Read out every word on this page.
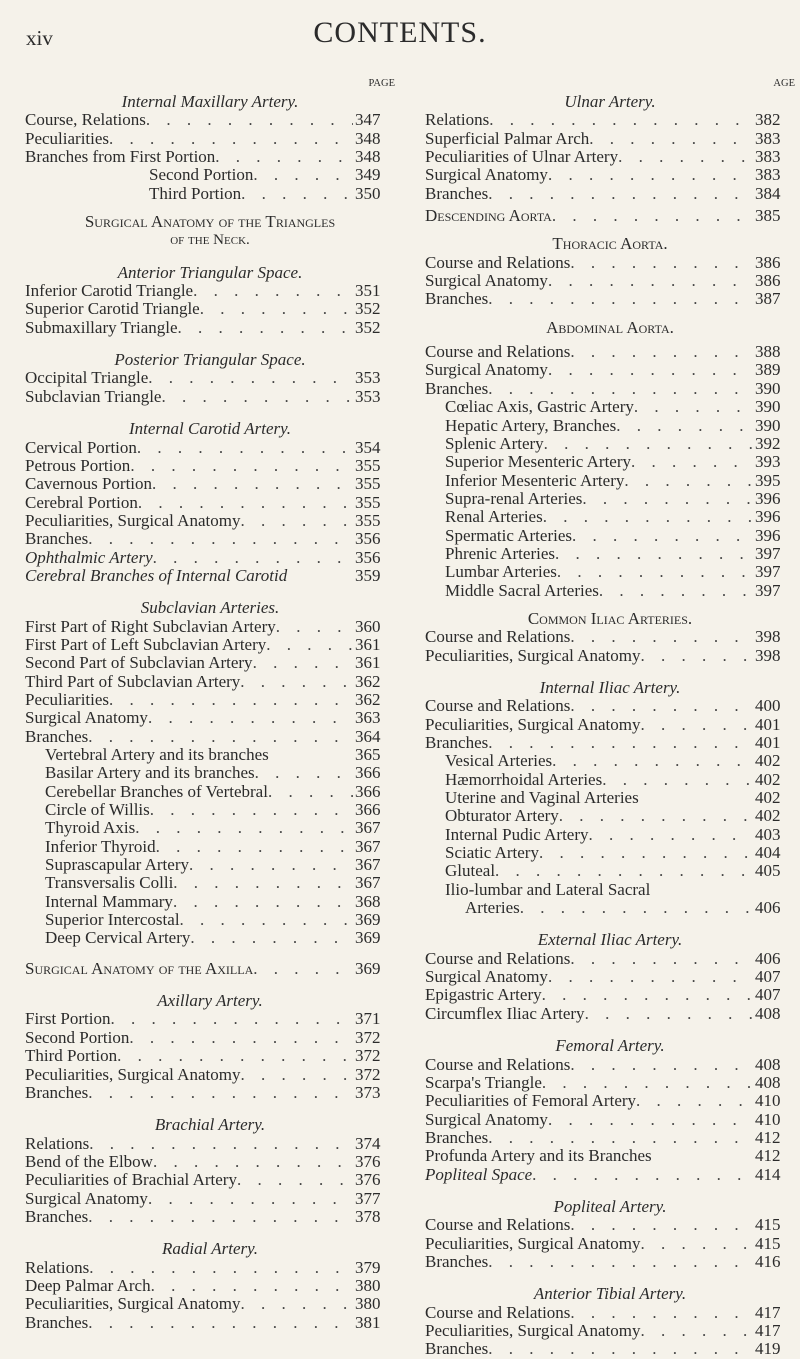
xiv	CONTENTS.
PAGE
Internal Maxillary Artery.
Course, Relations . . .	347
Peculiarities . . .	348
Branches from First Portion . . .	348
Second Portion . . .	349
Third Portion . . .	350
Surgical Anatomy of the Triangles
of the Neck.
Anterior Triangular Space.
Inferior Carotid Triangle . . .	351
Superior Carotid Triangle . . .	352
Submaxillary Triangle . . .	352
Posterior Triangular Space.
Occipital Triangle . . .	353
Subclavian Triangle . . .	353
Internal Carotid Artery.
Cervical Portion . . .	354
Petrous Portion . . .	355
Cavernous Portion . . .	355
Cerebral Portion . . .	355
Peculiarities, Surgical Anatomy . . .	355
Branches . . .	356
Ophthalmic Artery . . .	356
Cerebral Branches of Internal Carotid	359
Subclavian Arteries.
First Part of Right Subclavian Artery . . .	360
First Part of Left Subclavian Artery . . .	361
Second Part of Subclavian Artery . . .	361
Third Part of Subclavian Artery . . .	362
Peculiarities . . .	362
Surgical Anatomy . . .	363
Branches . . .	364
Vertebral Artery and its branches	365
Basilar Artery and its branches . . .	366
Cerebellar Branches of Vertebral . . .	366
Circle of Willis . . .	366
Thyroid Axis . . .	367
Inferior Thyroid . . .	367
Suprascapular Artery . . .	367
Transversalis Colli . . .	367
Internal Mammary . . .	368
Superior Intercostal . . .	369
Deep Cervical Artery . . .	369
Surgical Anatomy of the Axilla . . .	369
Axillary Artery.
First Portion . . .	371
Second Portion . . .	372
Third Portion . . .	372
Peculiarities, Surgical Anatomy . . .	372
Branches . . .	373
Brachial Artery.
Relations . . .	374
Bend of the Elbow . . .	376
Peculiarities of Brachial Artery . . .	376
Surgical Anatomy . . .	377
Branches . . .	378
Radial Artery.
Relations . . .	379
Deep Palmar Arch . . .	380
Peculiarities, Surgical Anatomy . . .	380
Branches . . .	381
AGE
Ulnar Artery.
Relations . . .	382
Superficial Palmar Arch . . .	383
Peculiarities of Ulnar Artery . . .	383
Surgical Anatomy . . .	383
Branches . . .	384
Descending Aorta . . .	385
Thoracic Aorta.
Course and Relations . . .	386
Surgical Anatomy . . .	386
Branches . . .	387
Abdominal Aorta.
Course and Relations . . .	388
Surgical Anatomy . . .	389
Branches . . .	390
Cœliac Axis, Gastric Artery . . .	390
Hepatic Artery, Branches . . .	390
Splenic Artery . . .	392
Superior Mesenteric Artery . . .	393
Inferior Mesenteric Artery . . .	395
Supra-renal Arteries . . .	396
Renal Arteries . . .	396
Spermatic Arteries . . .	396
Phrenic Arteries . . .	397
Lumbar Arteries . . .	397
Middle Sacral Arteries . . .	397
Common Iliac Arteries.
Course and Relations . . .	398
Peculiarities, Surgical Anatomy . . .	398
Internal Iliac Artery.
Course and Relations . . .	400
Peculiarities, Surgical Anatomy . . .	401
Branches . . .	401
Vesical Arteries . . .	402
Hæmorrhoidal Arteries . . .	402
Uterine and Vaginal Arteries	402
Obturator Artery . . .	402
Internal Pudic Artery . . .	403
Sciatic Artery . . .	404
Gluteal . . .	405
Ilio-lumbar and Lateral Sacral
Arteries . . .	406
External Iliac Artery.
Course and Relations . . .	406
Surgical Anatomy . . .	407
Epigastric Artery . . .	407
Circumflex Iliac Artery . . .	408
Femoral Artery.
Course and Relations . . .	408
Scarpa's Triangle . . .	408
Peculiarities of Femoral Artery . . .	410
Surgical Anatomy . . .	410
Branches . . .	412
Profunda Artery and its Branches	412
Popliteal Space . . .	414
Popliteal Artery.
Course and Relations . . .	415
Peculiarities, Surgical Anatomy . . .	415
Branches . . .	416
Anterior Tibial Artery.
Course and Relations . . .	417
Peculiarities, Surgical Anatomy . . .	417
Branches . . .	419
